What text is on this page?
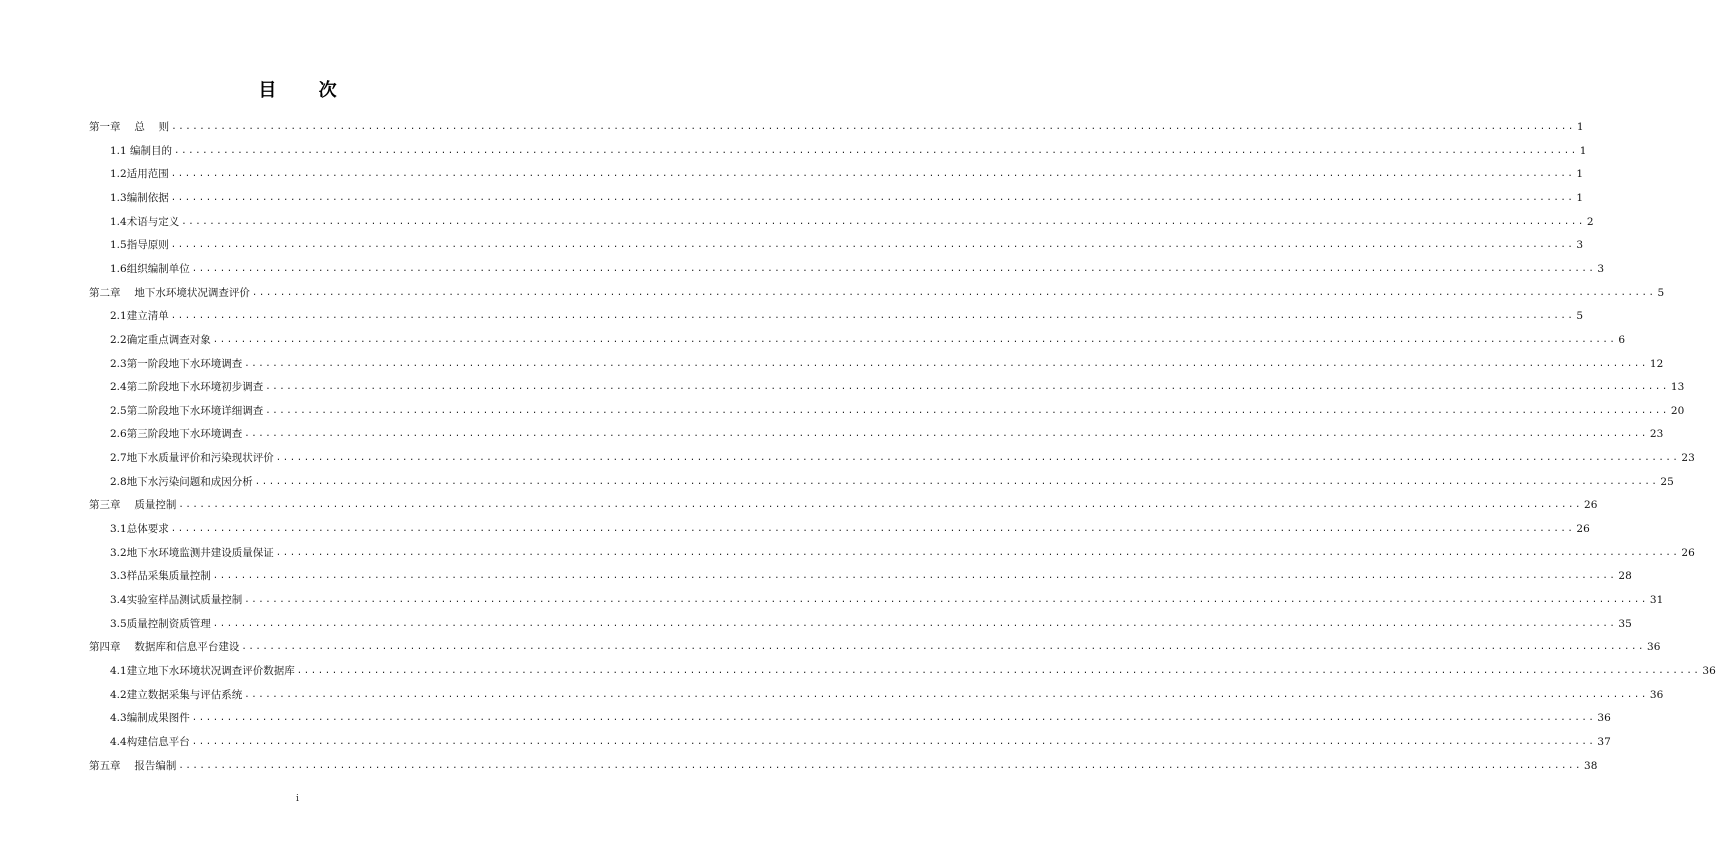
目 次
第一章　 总　 则 ........................................................................................................................................................................................................ 1
1.1 编制目的 ........................................................................................................................................................................................................ 1
1.2适用范围 ........................................................................................................................................................................................................ 1
1.3编制依据 ........................................................................................................................................................................................................ 1
1.4术语与定义 ........................................................................................................................................................................................................ 2
1.5指导原则 ........................................................................................................................................................................................................ 3
1.6组织编制单位 ........................................................................................................................................................................................................ 3
第二章　 地下水环境状况调查评价 ........................................................................................................................................................................................................ 5
2.1建立清单 ........................................................................................................................................................................................................ 5
2.2确定重点调查对象 ........................................................................................................................................................................................................ 6
2.3第一阶段地下水环境调查 ........................................................................................................................................................................................................ 12
2.4第二阶段地下水环境初步调查 ........................................................................................................................................................................................................ 13
2.5第二阶段地下水环境详细调查 ........................................................................................................................................................................................................ 20
2.6第三阶段地下水环境调查 ........................................................................................................................................................................................................ 23
2.7地下水质量评价和污染现状评价 ........................................................................................................................................................................................................ 23
2.8地下水污染问题和成因分析 ........................................................................................................................................................................................................ 25
第三章　 质量控制 ........................................................................................................................................................................................................ 26
3.1总体要求 ........................................................................................................................................................................................................ 26
3.2地下水环境监测井建设质量保证 ........................................................................................................................................................................................................ 26
3.3样品采集质量控制 ........................................................................................................................................................................................................ 28
3.4实验室样品测试质量控制 ........................................................................................................................................................................................................ 31
3.5质量控制资质管理 ........................................................................................................................................................................................................ 35
第四章　 数据库和信息平台建设 ........................................................................................................................................................................................................ 36
4.1建立地下水环境状况调查评价数据库 ........................................................................................................................................................................................................ 36
4.2建立数据采集与评估系统 ........................................................................................................................................................................................................ 36
4.3编制成果图件 ........................................................................................................................................................................................................ 36
4.4构建信息平台 ........................................................................................................................................................................................................ 37
第五章　 报告编制 ........................................................................................................................................................................................................ 38
i
